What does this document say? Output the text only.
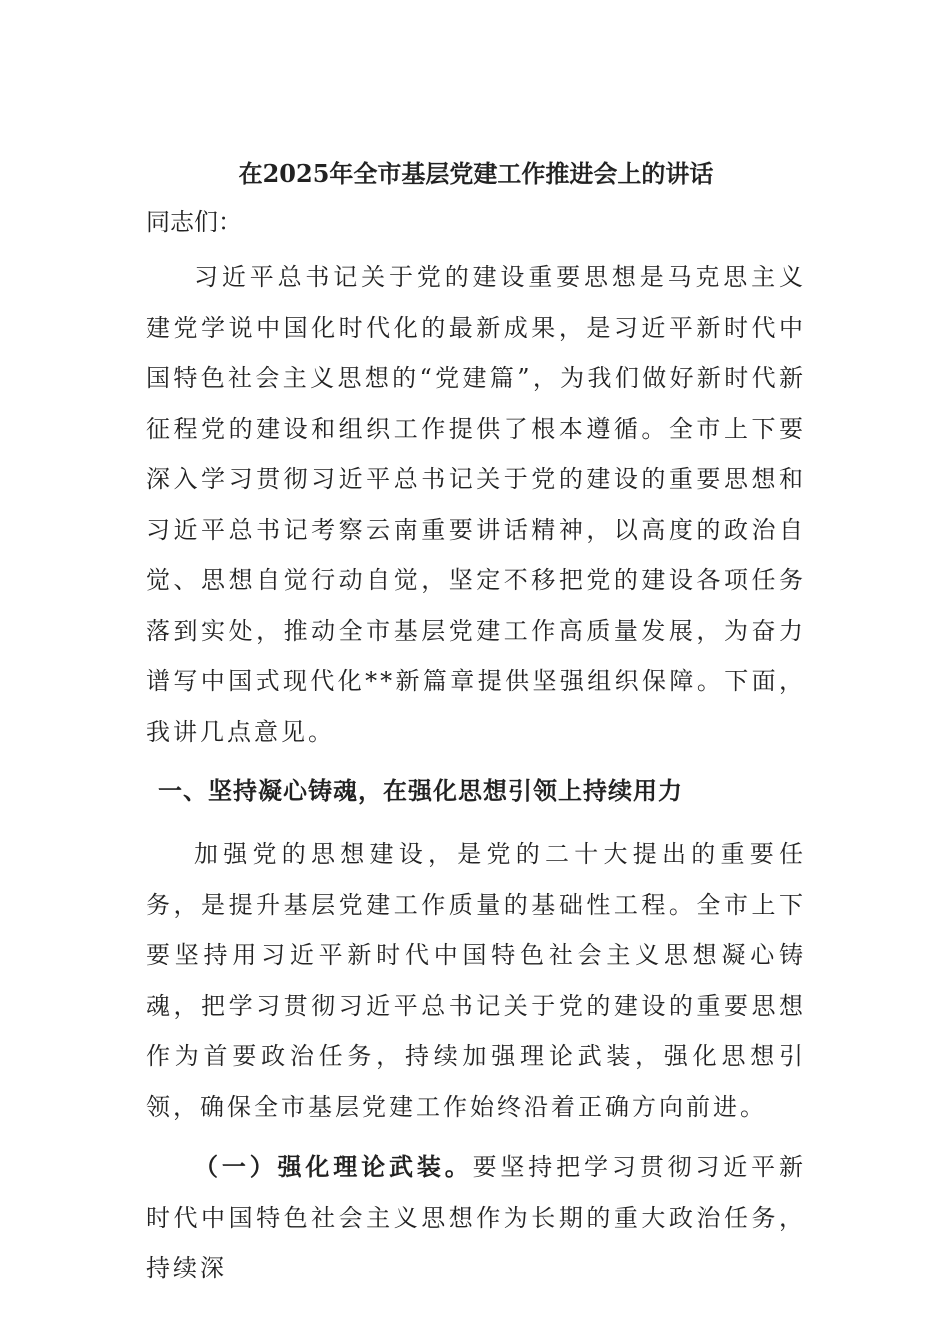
在2025年全市基层党建工作推进会上的讲话

同志们：

习近平总书记关于党的建设重要思想是马克思主义建党学说中国化时代化的最新成果，是习近平新时代中国特色社会主义思想的“党建篇”，为我们做好新时代新征程党的建设和组织工作提供了根本遵循。全市上下要深入学习贯彻习近平总书记关于党的建设的重要思想和习近平总书记考察云南重要讲话精神，以高度的政治自觉、思想自觉行动自觉，坚定不移把党的建设各项任务落到实处，推动全市基层党建工作高质量发展，为奋力谱写中国式现代化**新篇章提供坚强组织保障。下面，我讲几点意见。

一、坚持凝心铸魂，在强化思想引领上持续用力

加强党的思想建设，是党的二十大提出的重要任务，是提升基层党建工作质量的基础性工程。全市上下要坚持用习近平新时代中国特色社会主义思想凝心铸魂，把学习贯彻习近平总书记关于党的建设的重要思想作为首要政治任务，持续加强理论武装，强化思想引领，确保全市基层党建工作始终沿着正确方向前进。

（一）强化理论武装。要坚持把学习贯彻习近平新时代中国特色社会主义思想作为长期的重大政治任务，持续深
